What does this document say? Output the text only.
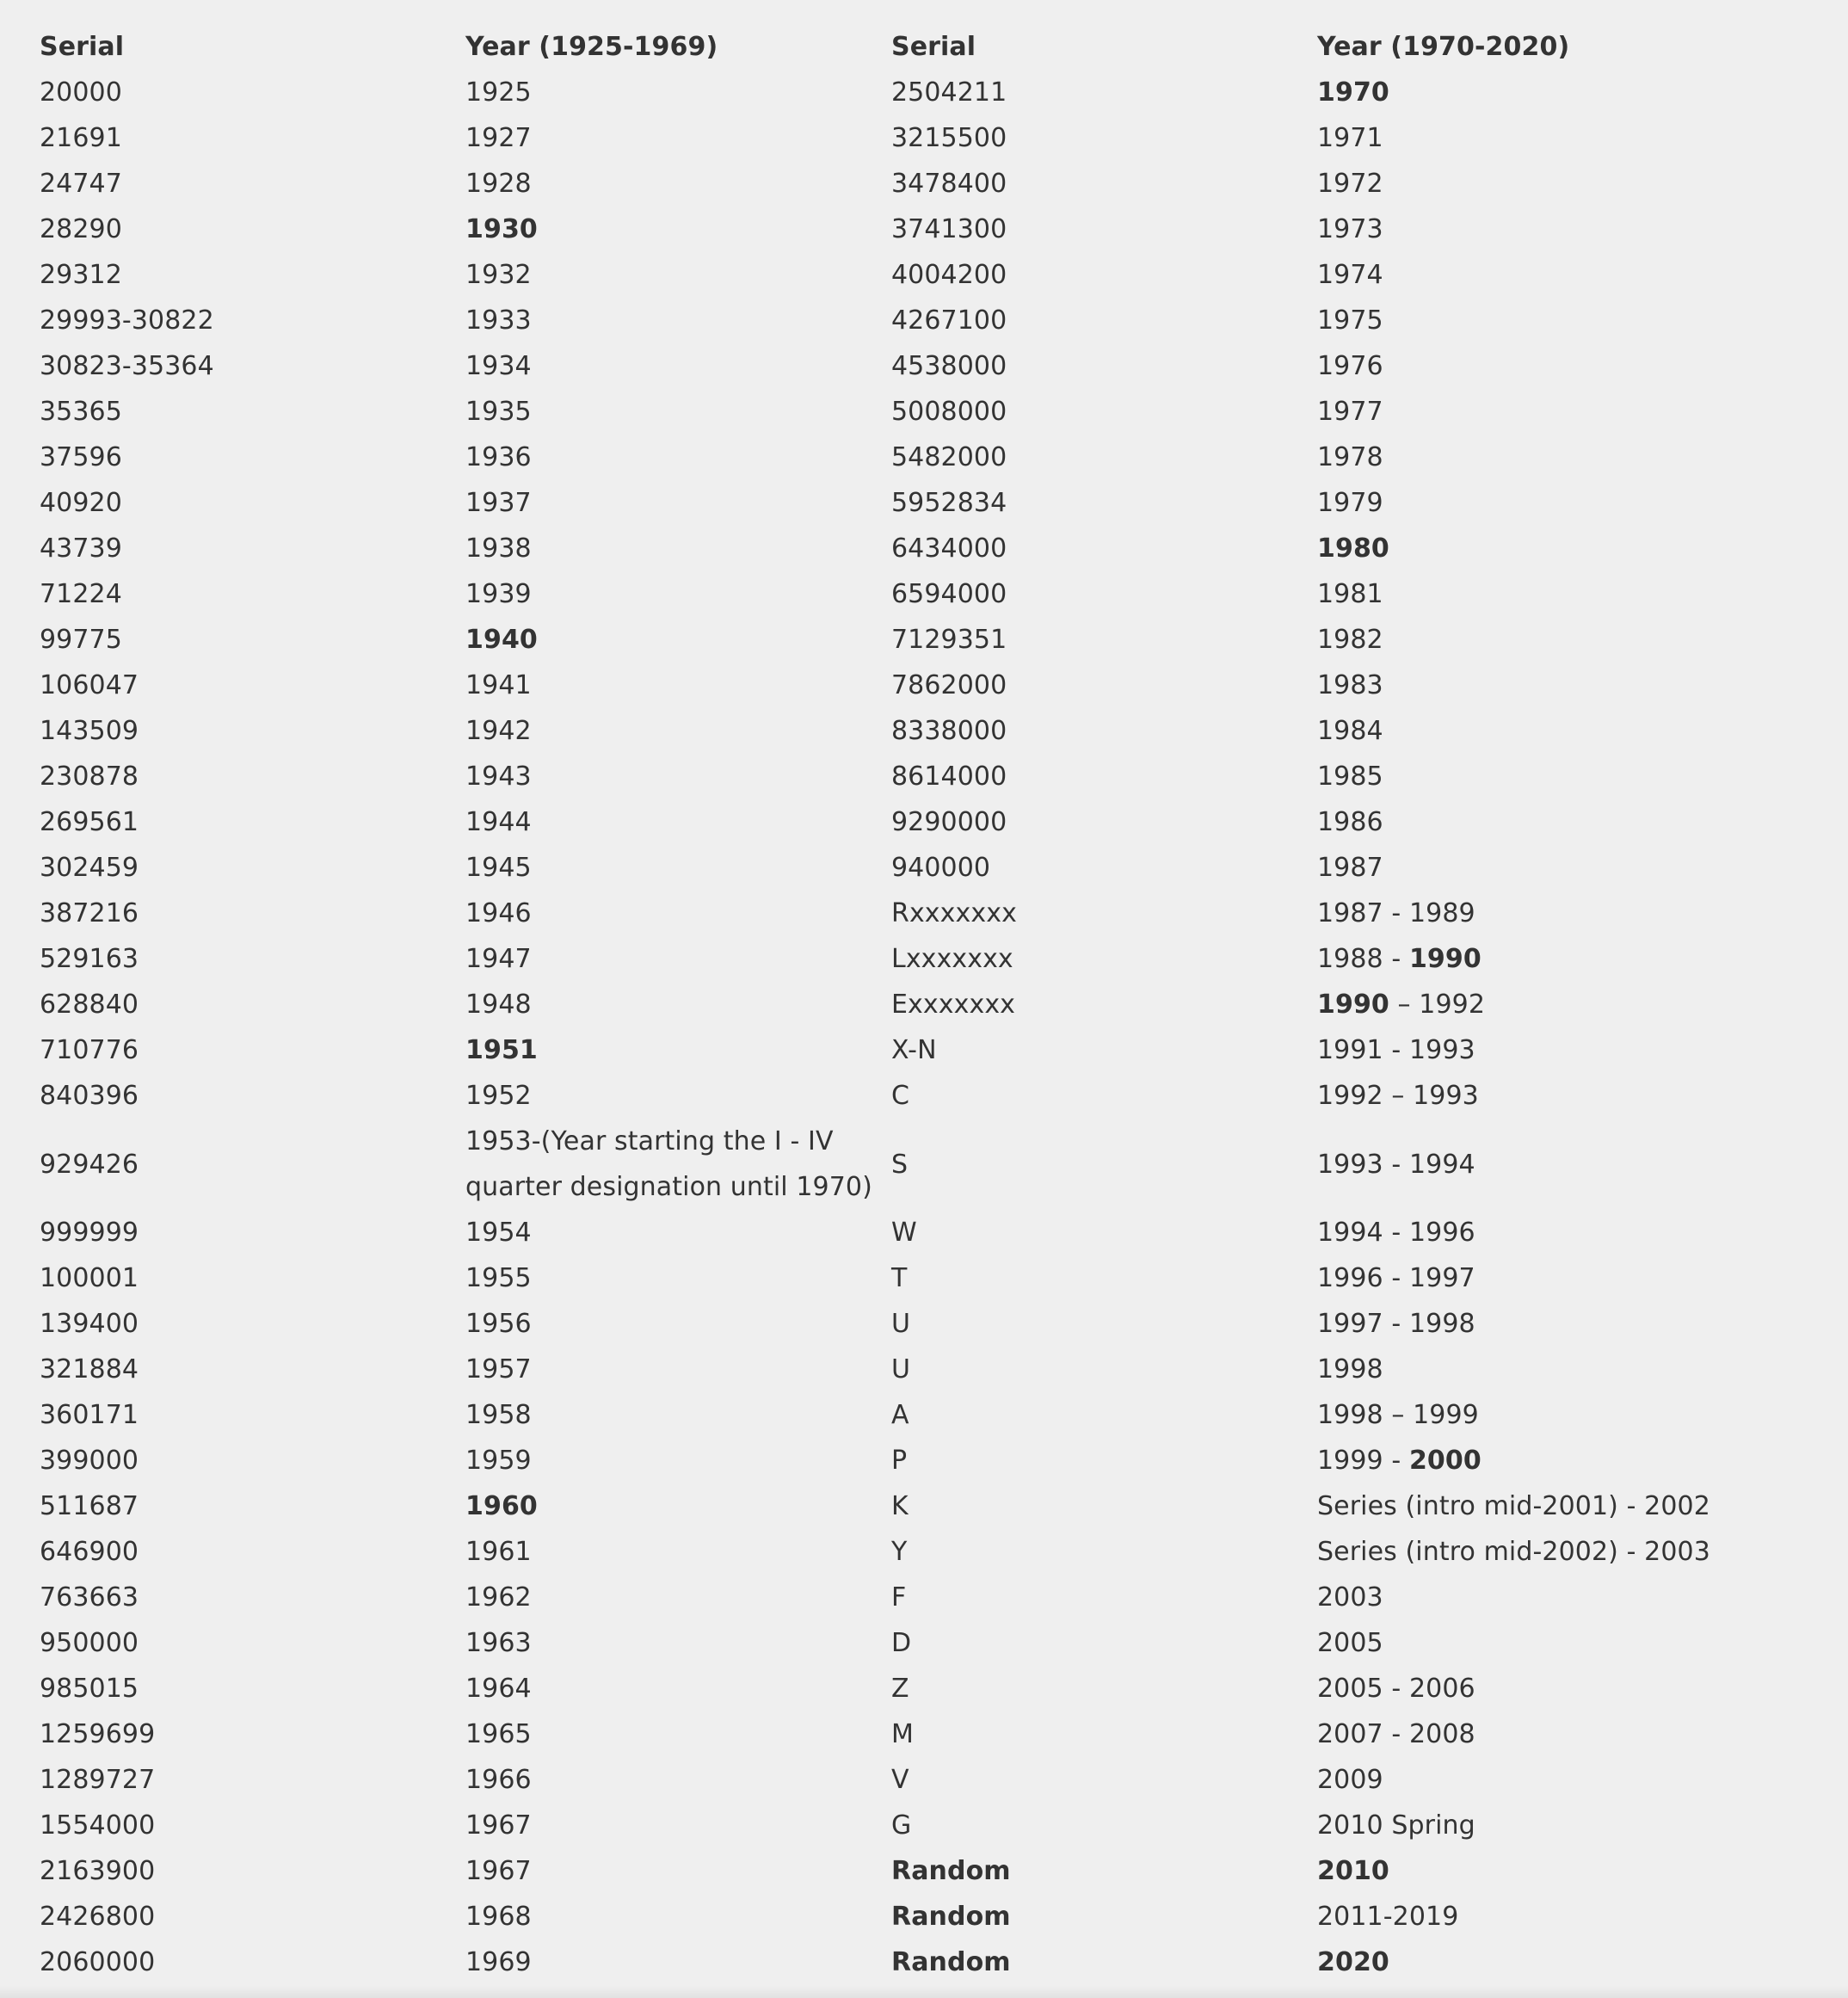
Serial	Year (1925-1969)	Serial	Year (1970-2020)
20000	1925	2504211	1970
21691	1927	3215500	1971
24747	1928	3478400	1972
28290	1930	3741300	1973
29312	1932	4004200	1974
29993-30822	1933	4267100	1975
30823-35364	1934	4538000	1976
35365	1935	5008000	1977
37596	1936	5482000	1978
40920	1937	5952834	1979
43739	1938	6434000	1980
71224	1939	6594000	1981
99775	1940	7129351	1982
106047	1941	7862000	1983
143509	1942	8338000	1984
230878	1943	8614000	1985
269561	1944	9290000	1986
302459	1945	940000	1987
387216	1946	Rxxxxxxx	1987 - 1989
529163	1947	Lxxxxxxx	1988 - 1990
628840	1948	Exxxxxxx	1990 – 1992
710776	1951	X-N	1991 - 1993
840396	1952	C	1992 – 1993
929426	1953-(Year starting the I - IV quarter designation until 1970)	S	1993 - 1994
999999	1954	W	1994 - 1996
100001	1955	T	1996 - 1997
139400	1956	U	1997 - 1998
321884	1957	U	1998
360171	1958	A	1998 – 1999
399000	1959	P	1999 - 2000
511687	1960	K	Series (intro mid-2001) - 2002
646900	1961	Y	Series (intro mid-2002) - 2003
763663	1962	F	2003
950000	1963	D	2005
985015	1964	Z	2005 - 2006
1259699	1965	M	2007 - 2008
1289727	1966	V	2009
1554000	1967	G	2010 Spring
2163900	1967	Random	2010
2426800	1968	Random	2011-2019
2060000	1969	Random	2020
